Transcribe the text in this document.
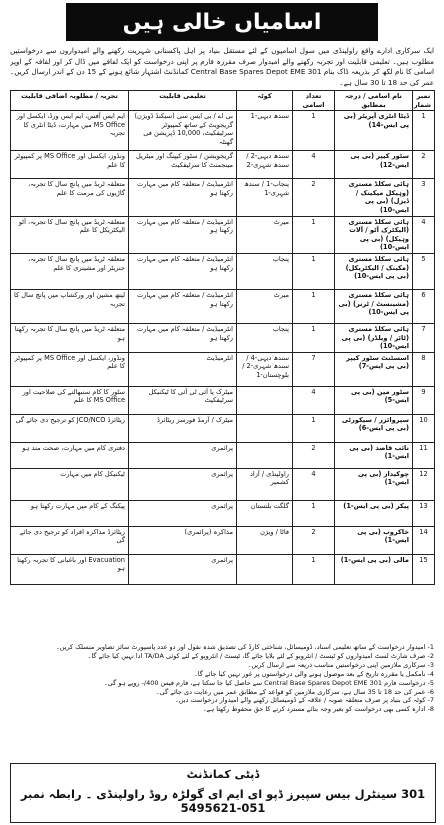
اسامیاں خالی ہیں
ایک سرکاری ادارے واقع راولپنڈی میں سول اسامیوں کے لئے مستقل بنیاد پر اہل پاکستانی شہریت رکھنے والے امیدواروں سے درخواستیں مطلوب ہیں۔ تعلیمی قابلیت اور تجربہ رکھنے والے امیدوار صرف مقررہ فارم پر اپنی درخواست کو ایک لفافے میں ڈال کر اور لفافہ کے اوپر اسامی کا نام لکھ کر بذریعہ ڈاک بنام 301 Central Base Spares Depot EME کمانڈنٹ اشتہار شائع ہونے کے 15 دن کے اندر ارسال کریں۔ عمر کی حد 18 تا 30 سال ہے۔
نمبر شمار	نام اسامی / درجہ بمطابق	تعداد اسامی	کوٹہ	تعلیمی قابلیت	تجربہ / مطلوبہ اضافی قابلیت
1	ڈیٹا انٹری آپریٹر (بی پی ایس-14)	1	سندھ دیہی-1	بی اے / بی ایس سی (سیکنڈ ڈویژن) گریجویٹ کے ساتھ کمپیوٹر سرٹیفکیٹ، 10,000 ڈپریشن فی گھنٹہ	ایم ایس آفس، ایم ایس ورڈ، ایکسل اور MS Office میں مہارت، ڈیٹا انٹری کا تجربہ
2	سٹور کیپر (بی پی ایس-12)	4	سندھ دیہی-2 / سندھ شہری-2	گریجویشن / سٹور کیپنگ اور میٹریل مینجمنٹ کا سرٹیفکیٹ	ونڈوز، ایکسل اور MS Office پر کمپیوٹر کا علم
3	ہائی سکلڈ مستری (وہیکل میکینک / ڈیزل) (بی پی ایس-10)	2	پنجاب-1 / سندھ شہری-1	انٹرمیڈیٹ / متعلقہ کام میں مہارت رکھتا ہو	متعلقہ ٹریڈ میں پانچ سال کا تجربہ، گاڑیوں کی مرمت کا علم
4	ہائی سکلڈ مستری (الیکٹرک آٹو / آلات وہیکل) (بی پی ایس-10)	1	میرٹ	انٹرمیڈیٹ / متعلقہ کام میں مہارت رکھتا ہو	متعلقہ ٹریڈ میں پانچ سال کا تجربہ، آٹو الیکٹریکل کا علم
5	ہائی سکلڈ مستری (مکینک / الیکٹریکل) (بی پی ایس-10)	1	پنجاب	انٹرمیڈیٹ / متعلقہ کام میں مہارت رکھتا ہو	متعلقہ ٹریڈ میں پانچ سال کا تجربہ، جنریٹر اور مشینری کا علم
6	ہائی سکلڈ مستری (مشینسٹ / ٹرنر) (بی پی ایس-10)	1	میرٹ	انٹرمیڈیٹ / متعلقہ کام میں مہارت رکھتا ہو	لیتھ مشین اور ورکشاپ میں پانچ سال کا تجربہ
7	ہائی سکلڈ مستری (ٹائر / ویلڈر) (بی پی ایس-10)	1	پنجاب	انٹرمیڈیٹ / متعلقہ کام میں مہارت رکھتا ہو	متعلقہ ٹریڈ میں پانچ سال کا تجربہ رکھتا ہو
8	اسسٹنٹ سٹور کیپر (بی پی ایس-7)	7	سندھ دیہی-4 / سندھ شہری-2 / بلوچستان-1	انٹرمیڈیٹ	ونڈوز، ایکسل اور MS Office پر کمپیوٹر کا علم
9	سٹور مین (بی پی ایس-5)	4		میٹرک یا آئی ٹی آئی کا ٹیکنیکل سرٹیفکیٹ	سٹور کا کام سنبھالنے کی صلاحیت اور MS Office کا علم
10	سپروائزر / سیکورٹی (بی پی ایس-6)	1		میٹرک / آرمڈ فورسز ریٹائرڈ	ریٹائرڈ JCO/NCO کو ترجیح دی جائے گی
11	نائب قاصد (بی پی ایس-1)	2		پرائمری	دفتری کام میں مہارت، صحت مند ہو
12	چوکیدار (بی پی ایس-1)	4	راولپنڈی / آزاد کشمیر	پرائمری	ٹیکنیکل کام میں مہارت
13	پیکر (بی پی ایس-1)	1	گلگت بلتستان	پرائمری	پیکنگ کے کام میں مہارت رکھتا ہو
14	خاکروب (بی پی ایس-1)	2	فاٹا / ویژن	مذاکرہ (پرائمری)	ریٹائرڈ مذاکرہ افراد کو ترجیح دی جائے گی
15	مالی (بی پی ایس-1)	1		پرائمری	Evacuation اور باغبانی کا تجربہ رکھتا ہو
1- امیدوار درخواست کے ساتھ تعلیمی اسناد، ڈومیسائل، شناختی کارڈ کی تصدیق شدہ نقول اور دو عدد پاسپورٹ سائز تصاویر منسلک کریں۔
2- صرف شارٹ لسٹ امیدواروں کو ٹیسٹ / انٹرویو کے لئے بلایا جائے گا، ٹیسٹ / انٹرویو کے لئے کوئی TA/DA ادا نہیں کیا جائے گا۔
3- سرکاری ملازمین اپنی درخواستیں مناسب ذریعہ سے ارسال کریں۔
4- نامکمل یا مقررہ تاریخ کے بعد موصول ہونے والی درخواستوں پر غور نہیں کیا جائے گا۔
5- درخواست فارم 301 Central Base Spares Depot EME سے حاصل کیا جا سکتا ہے، فارم فیس 400/- روپے ہو گی۔
6- عمر کی حد 18 تا 35 سال ہے، سرکاری ملازمین کو قواعد کے مطابق عمر میں رعایت دی جائے گی۔
7- کوٹہ کی بنیاد پر صرف متعلقہ صوبہ / علاقہ کے ڈومیسائل رکھنے والے امیدوار درخواست دیں۔
8- ادارہ کسی بھی درخواست کو بغیر وجہ بتائے مسترد کرنے کا حق محفوظ رکھتا ہے۔
ڈپٹی کمانڈنٹ
301 سینٹرل بیس سپیرز ڈپو ای ایم ای گولڑہ روڈ راولپنڈی ۔ رابطہ نمبر 051-5495621
